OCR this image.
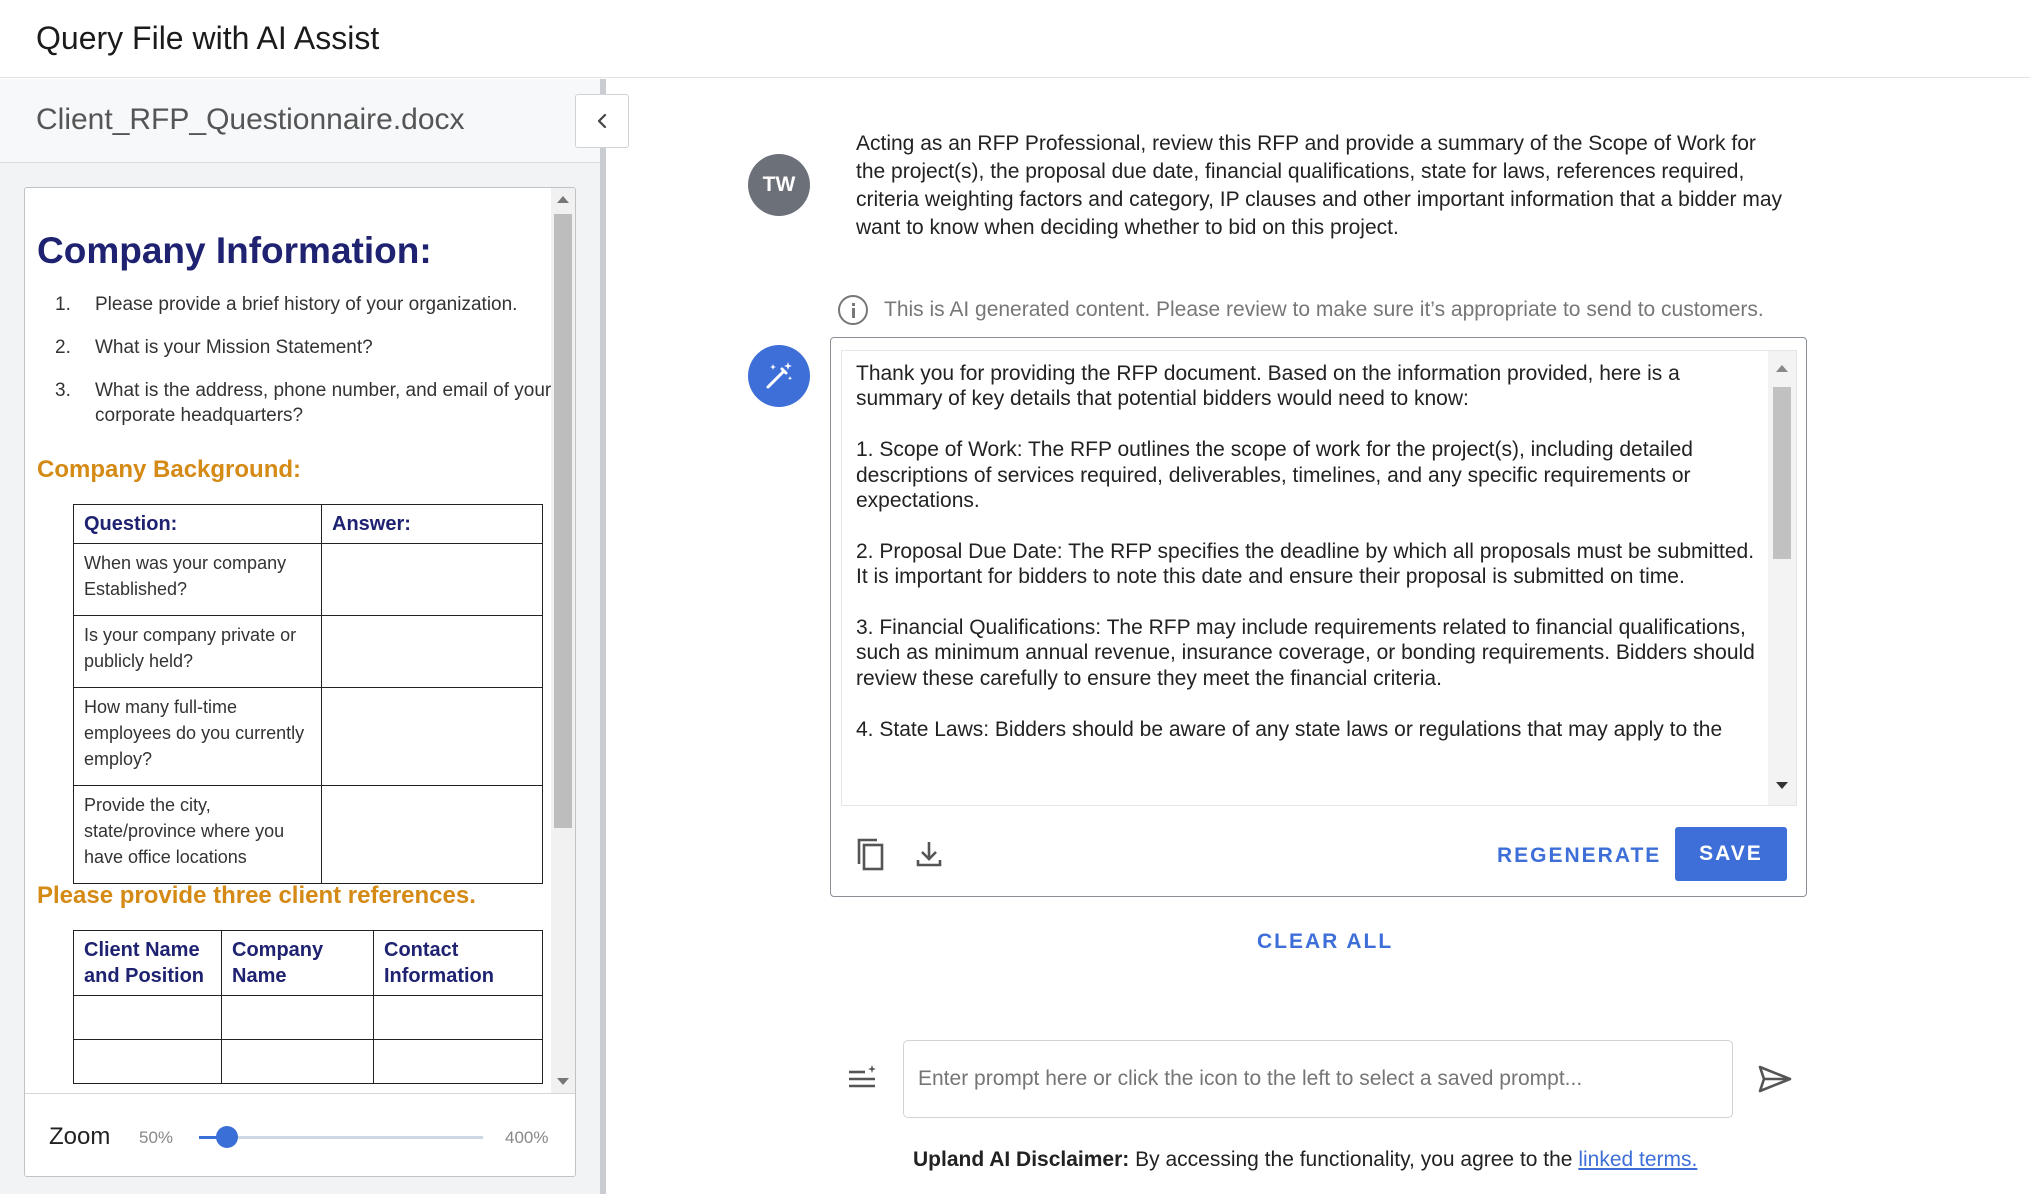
Query File with AI Assist
Client_RFP_Questionnaire.docx
Company Information:
1. Please provide a brief history of your organization.
2. What is your Mission Statement?
3. What is the address, phone number, and email of your corporate headquarters?
Company Background:
Question:	Answer:
When was your company Established?	
Is your company private or publicly held?	
How many full-time employees do you currently employ?	
Provide the city, state/province where you have office locations	
Please provide three client references.
Client Name and Position	Company Name	Contact Information

Zoom 50%	400%
TW
Acting as an RFP Professional, review this RFP and provide a summary of the Scope of Work for the project(s), the proposal due date, financial qualifications, state for laws, references required, criteria weighting factors and category, IP clauses and other important information that a bidder may want to know when deciding whether to bid on this project.
This is AI generated content. Please review to make sure it’s appropriate to send to customers.

Thank you for providing the RFP document. Based on the information provided, here is a summary of key details that potential bidders would need to know:

1. Scope of Work: The RFP outlines the scope of work for the project(s), including detailed descriptions of services required, deliverables, timelines, and any specific requirements or expectations.

2. Proposal Due Date: The RFP specifies the deadline by which all proposals must be submitted. It is important for bidders to note this date and ensure their proposal is submitted on time.

3. Financial Qualifications: The RFP may include requirements related to financial qualifications, such as minimum annual revenue, insurance coverage, or bonding requirements. Bidders should review these carefully to ensure they meet the financial criteria.

4. State Laws: Bidders should be aware of any state laws or regulations that may apply to the

REGENERATE	SAVE
CLEAR ALL
Enter prompt here or click the icon to the left to select a saved prompt...
Upland AI Disclaimer: By accessing the functionality, you agree to the linked terms.
